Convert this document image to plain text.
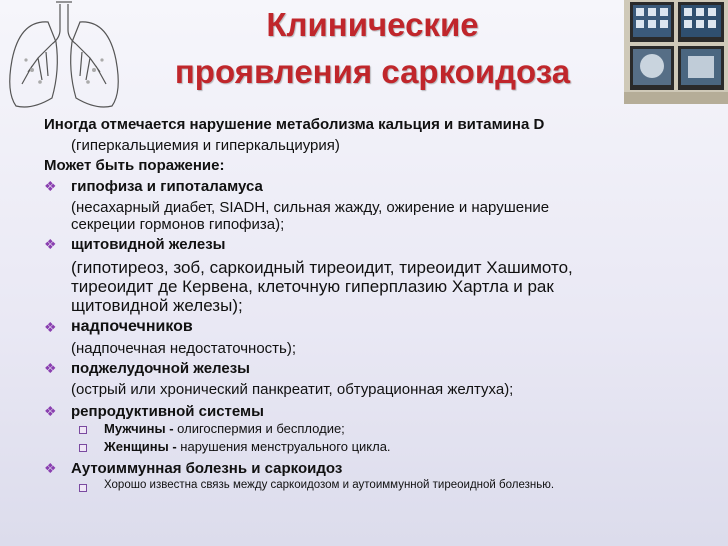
Клинические
проявления саркоидоза

Иногда отмечается нарушение метаболизма кальция и витамина D

(гиперкальциемия и гиперкальциурия)

Может быть поражение:

❖ гипофиза и гипоталамуса

(несахарный диабет, SIADH, сильная жажду, ожирение и нарушение

секреции гормонов гипофиза);

❖ щитовидной железы

(гипотиреоз, зоб, саркоидный тиреоидит, тиреоидит Хашимото,

тиреоидит де Кервена, клеточную гиперплазию Хартла и рак

щитовидной железы);

❖ надпочечников

(надпочечная недостаточность);

❖ поджелудочной железы

(острый или хронический панкреатит, обтурационная желтуха);

❖ репродуктивной системы

Мужчины - олигоспермия и бесплодие;

Женщины - нарушения менструального цикла.

❖ Аутоиммунная болезнь и саркоидоз

Хорошо известна связь между саркоидозом и аутоиммунной тиреоидной болезнью.
